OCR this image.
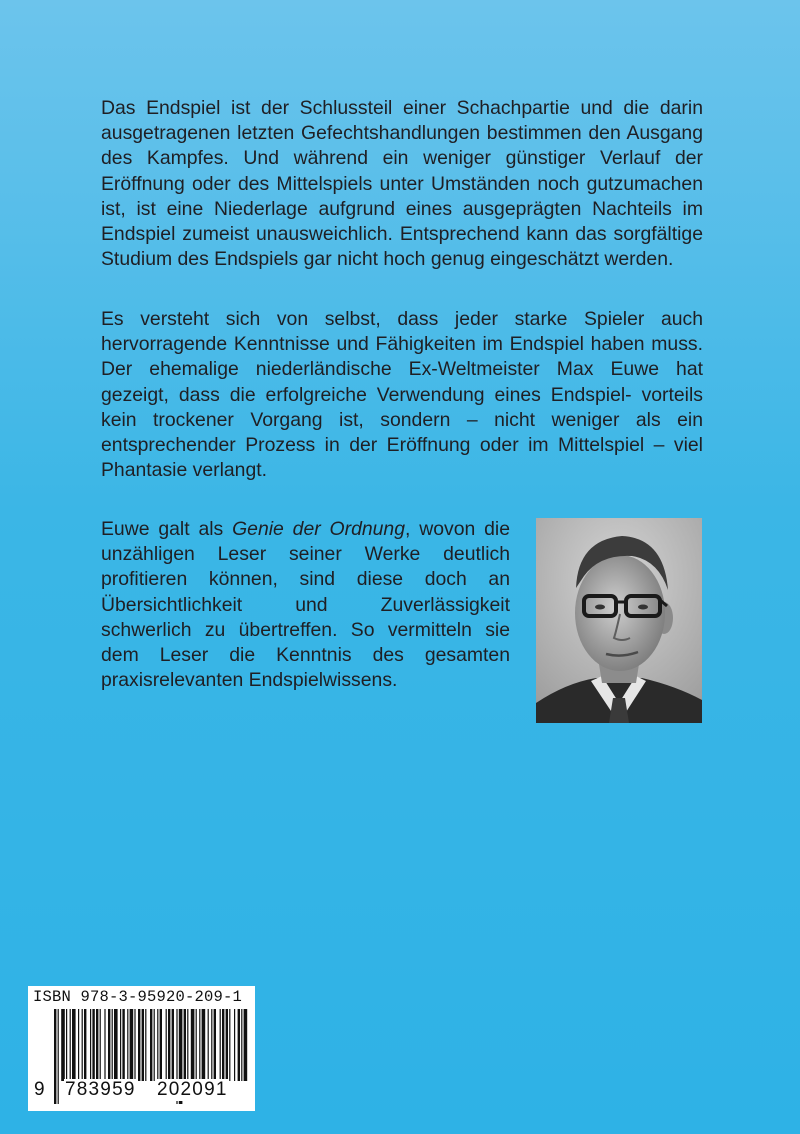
Das Endspiel ist der Schlussteil einer Schachpartie und die darin ausgetragenen letzten Gefechtshandlungen bestimmen den Ausgang des Kampfes. Und während ein weniger günstiger Verlauf der Eröffnung oder des Mittelspiels unter Umständen noch gutzumachen ist, ist eine Niederlage aufgrund eines ausgeprägten Nachteils im Endspiel zumeist unausweichlich. Entsprechend kann das sorgfältige Studium des Endspiels gar nicht hoch genug eingeschätzt werden.

Es versteht sich von selbst, dass jeder starke Spieler auch hervorragende Kenntnisse und Fähigkeiten im Endspiel haben muss. Der ehemalige niederländische Ex-Weltmeister Max Euwe hat gezeigt, dass die erfolgreiche Verwendung eines Endspiel- vorteils kein trockener Vorgang ist, sondern – nicht weniger als ein entsprechender Prozess in der Eröffnung oder im Mittelspiel – viel Phantasie verlangt.

Euwe galt als Genie der Ordnung, wovon die unzähligen Leser seiner Werke deutlich profitieren können, sind diese doch an Übersichtlichkeit und Zuverlässigkeit schwerlich zu übertreffen. So vermitteln sie dem Leser die Kenntnis des gesamten praxisrelevanten Endspielwissens.

ISBN 978-3-95920-209-1
9 783959 202091
